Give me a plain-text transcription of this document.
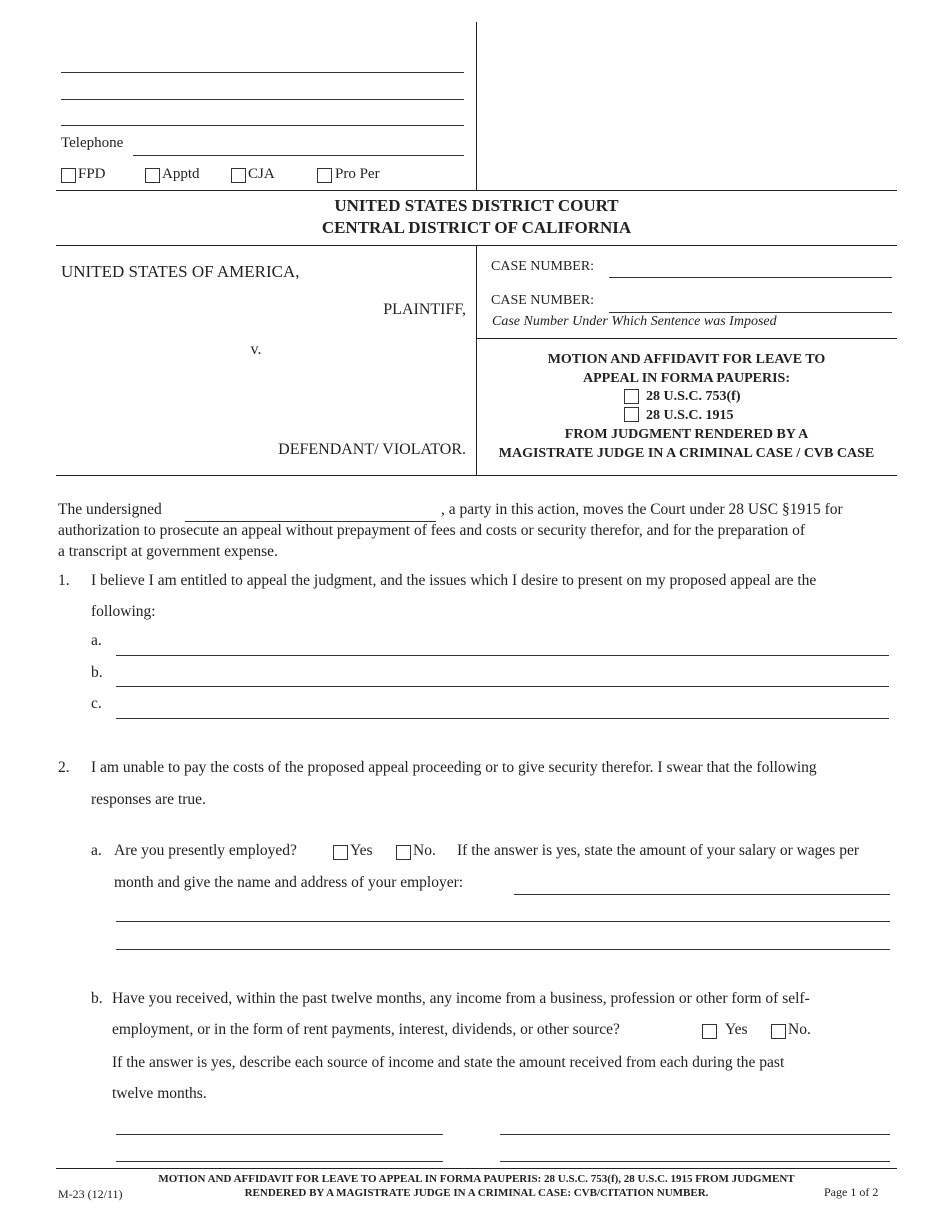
Telephone
FPD	Apptd	CJA	Pro Per
UNITED STATES DISTRICT COURT
CENTRAL DISTRICT OF CALIFORNIA
UNITED STATES OF AMERICA,
PLAINTIFF,
v.
DEFENDANT/ VIOLATOR.
CASE NUMBER:
CASE NUMBER:
Case Number Under Which Sentence was Imposed
MOTION AND AFFIDAVIT FOR LEAVE TO
APPEAL IN FORMA PAUPERIS:
28 U.S.C. 753(f)
28 U.S.C. 1915
FROM JUDGMENT RENDERED BY A
MAGISTRATE JUDGE IN A CRIMINAL CASE / CVB CASE
The undersigned	, a party in this action, moves the Court under 28 USC §1915 for
authorization to prosecute an appeal without prepayment of fees and costs or security therefor, and for the preparation of
a transcript at government expense.
1. I believe I am entitled to appeal the judgment, and the issues which I desire to present on my proposed appeal are the
following:
a.
b.
c.
2. I am unable to pay the costs of the proposed appeal proceeding or to give security therefor. I swear that the following
responses are true.
a. Are you presently employed?	Yes	No. If the answer is yes, state the amount of your salary or wages per
month and give the name and address of your employer:
b. Have you received, within the past twelve months, any income from a business, profession or other form of self-
employment, or in the form of rent payments, interest, dividends, or other source?	Yes	No.
If the answer is yes, describe each source of income and state the amount received from each during the past
twelve months.
MOTION AND AFFIDAVIT FOR LEAVE TO APPEAL IN FORMA PAUPERIS: 28 U.S.C. 753(f), 28 U.S.C. 1915 FROM JUDGMENT
RENDERED BY A MAGISTRATE JUDGE IN A CRIMINAL CASE: CVB/CITATION NUMBER.
M-23 (12/11)	Page 1 of 2
